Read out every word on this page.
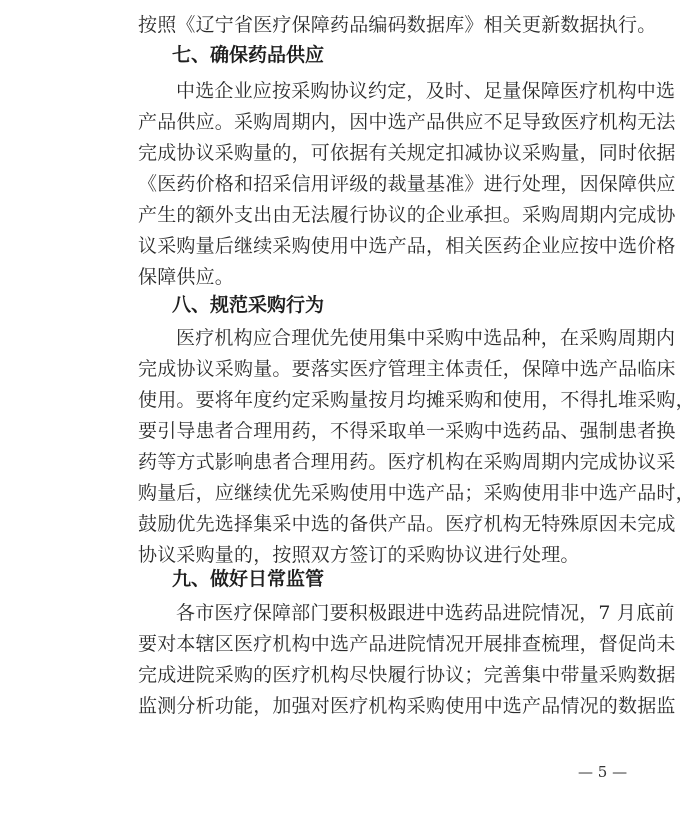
按照《辽宁省医疗保障药品编码数据库》相关更新数据执行。
七、确保药品供应
中选企业应按采购协议约定，及时、足量保障医疗机构中选
产品供应。采购周期内，因中选产品供应不足导致医疗机构无法
完成协议采购量的，可依据有关规定扣减协议采购量，同时依据
《医药价格和招采信用评级的裁量基准》进行处理，因保障供应
产生的额外支出由无法履行协议的企业承担。采购周期内完成协
议采购量后继续采购使用中选产品，相关医药企业应按中选价格
保障供应。
八、规范采购行为
医疗机构应合理优先使用集中采购中选品种，在采购周期内
完成协议采购量。要落实医疗管理主体责任，保障中选产品临床
使用。要将年度约定采购量按月均摊采购和使用，不得扎堆采购，
要引导患者合理用药，不得采取单一采购中选药品、强制患者换
药等方式影响患者合理用药。医疗机构在采购周期内完成协议采
购量后，应继续优先采购使用中选产品；采购使用非中选产品时，
鼓励优先选择集采中选的备供产品。医疗机构无特殊原因未完成
协议采购量的，按照双方签订的采购协议进行处理。
九、做好日常监管
各市医疗保障部门要积极跟进中选药品进院情况，7 月底前
要对本辖区医疗机构中选产品进院情况开展排查梳理，督促尚未
完成进院采购的医疗机构尽快履行协议；完善集中带量采购数据
监测分析功能，加强对医疗机构采购使用中选产品情况的数据监
— 5 —
